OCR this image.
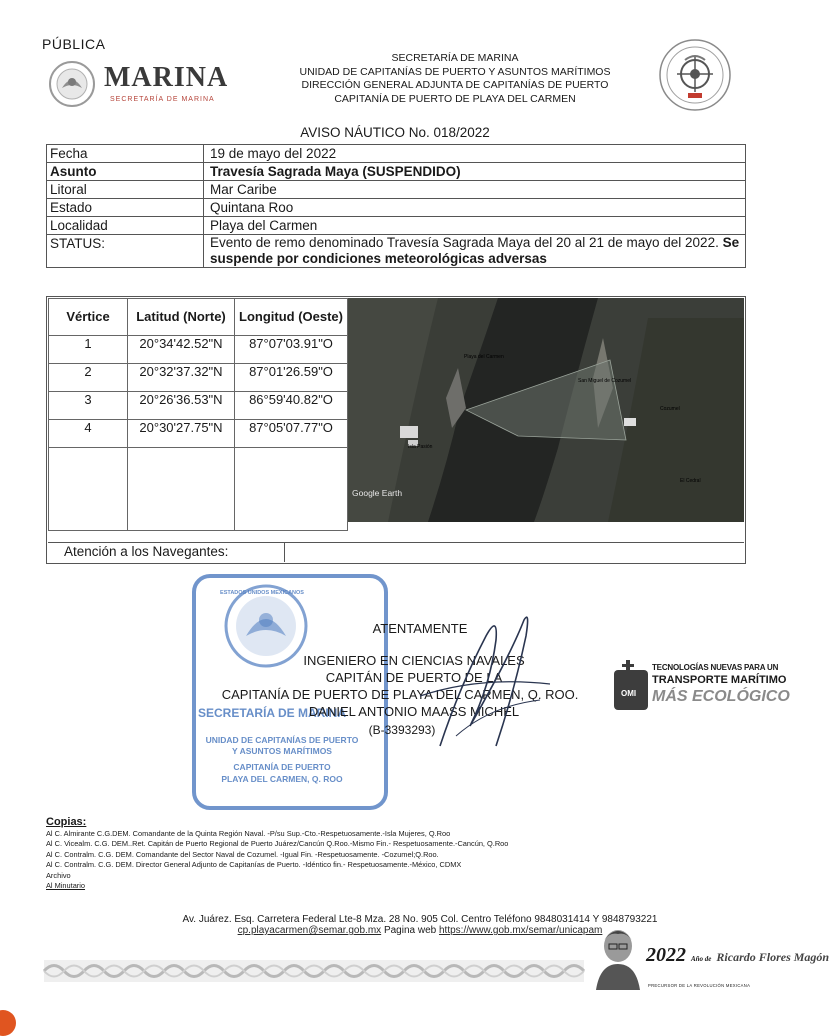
PÚBLICA
MARINA
SECRETARÍA DE MARINA
SECRETARÍA DE MARINA
UNIDAD DE CAPITANÍAS DE PUERTO Y ASUNTOS MARÍTIMOS
DIRECCIÓN GENERAL ADJUNTA DE CAPITANÍAS DE PUERTO
CAPITANÍA DE PUERTO DE PLAYA DEL CARMEN
AVISO NÁUTICO No. 018/2022
Fecha	19 de mayo del 2022
Asunto	Travesía Sagrada Maya (SUSPENDIDO)
Litoral	Mar Caribe
Estado	Quintana Roo
Localidad	Playa del Carmen
STATUS:	Evento de remo denominado Travesía Sagrada Maya del 20 al 21 de mayo del 2022. Se suspende por condiciones meteorológicas adversas
Vértice	Latitud (Norte)	Longitud (Oeste)
1	20°34'42.52"N	87°07'03.91"O
2	20°32'37.32"N	87°01'26.59"O
3	20°26'36.53"N	86°59'40.82"O
4	20°30'27.75"N	87°05'07.77"O

Playa del Carmen
San Miguel de Cozumel
Cozumel
Isla Pasión
El Cedral
Google Earth
Atención a los Navegantes:
ESTADOS UNIDOS MEXICANOS
SECRETARÍA DE MARINA
UNIDAD DE CAPITANÍAS DE PUERTO
Y ASUNTOS MARÍTIMOS
CAPITANÍA DE PUERTO
PLAYA DEL CARMEN, Q. ROO
ATENTAMENTE
INGENIERO EN CIENCIAS NAVALES
CAPITÁN DE PUERTO DE LA
CAPITANÍA DE PUERTO DE PLAYA DEL CARMEN, Q. ROO.
DANIEL ANTONIO MAASS MICHEL
(B-3393293)
OMI
TECNOLOGÍAS NUEVAS PARA UN
TRANSPORTE MARÍTIMO
MÁS ECOLÓGICO
Copias:
Al C. Almirante C.G.DEM. Comandante de la Quinta Región Naval. -P/su Sup.-Cto.-Respetuosamente.-Isla Mujeres, Q.Roo
Al C. Vicealm. C.G. DEM..Ret. Capitán de Puerto Regional de Puerto Juárez/Cancún Q.Roo.-Mismo Fin.- Respetuosamente.-Cancún, Q.Roo
Al C. Contralm. C.G. DEM. Comandante del Sector Naval de Cozumel. -Igual Fin. -Respetuosamente. -Cozumel;Q.Roo.
Al C. Contralm. C.G. DEM. Director General Adjunto de Capitanías de Puerto. -Idéntico fin.- Respetuosamente.-México, CDMX
Archivo
Al Minutario
Av. Juárez. Esq. Carretera Federal Lte-8 Mza. 28 No. 905 Col. Centro Teléfono 9848031414 Y 9848793221
cp.playacarmen@semar.gob.mx Pagina web https://www.gob.mx/semar/unicapam
2022 Año de Ricardo Flores Magón
PRECURSOR DE LA REVOLUCIÓN MEXICANA
